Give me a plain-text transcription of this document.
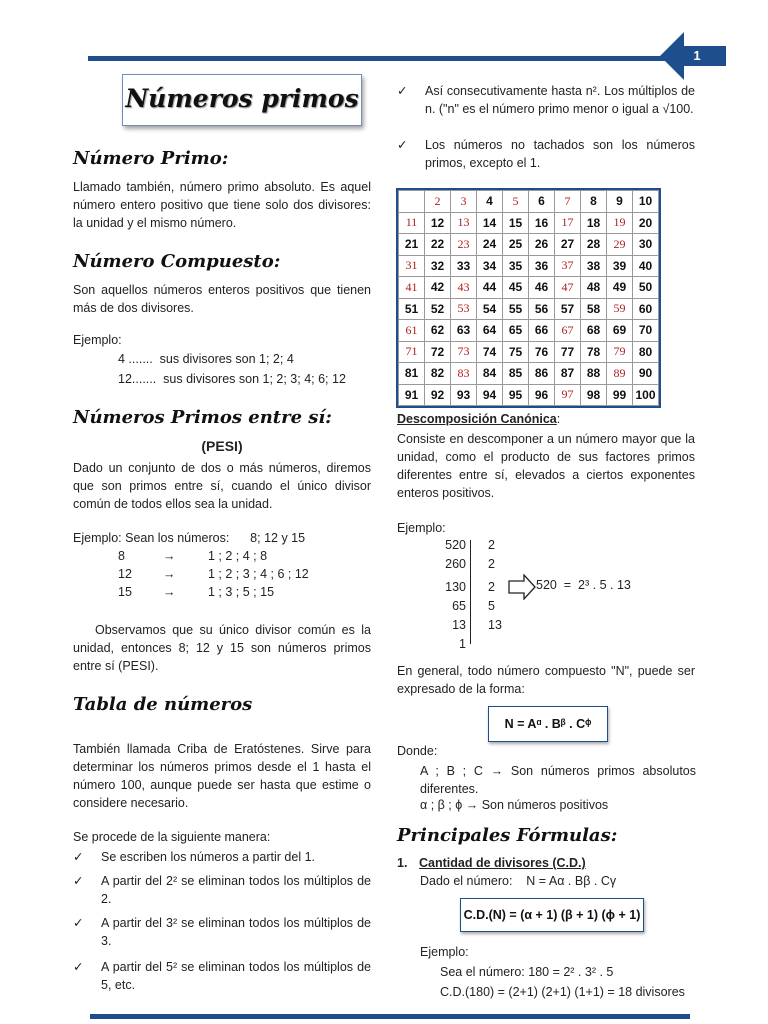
1
Números primos
Número Primo:
Llamado también, número primo absoluto. Es aquel número entero positivo que tiene solo dos divisores: la unidad y el mismo número.
Número Compuesto:
Son aquellos números enteros positivos que tienen más de dos divisores.
Ejemplo:
4 .......  sus divisores son 1; 2; 4
12.......  sus divisores son 1; 2; 3; 4; 6; 12
Números Primos entre sí:
(PESI)
Dado un conjunto de dos o más números, diremos que son primos entre sí, cuando el único divisor común de todos ellos sea la unidad.
Ejemplo: Sean los números:      8; 12 y 15
8	→	1 ; 2 ; 4 ; 8
12	→	1 ; 2 ; 3 ; 4 ; 6 ; 12
15	→	1 ; 3 ; 5 ; 15
Observamos que su único divisor común es la unidad, entonces 8; 12 y 15 son números primos entre sí (PESI).
Tabla de números
También llamada Criba de Eratóstenes. Sirve para determinar los números primos desde el 1 hasta el número 100, aunque puede ser hasta que estime o considere necesario.
Se procede de la siguiente manera:
✓	Se escriben los números a partir del 1.
✓	A partir del 2² se eliminan todos los múltiplos de 2.
✓	A partir del 3² se eliminan todos los múltiplos de 3.
✓	A partir del 5² se eliminan todos los múltiplos de 5, etc.
✓	Así consecutivamente hasta n². Los múltiplos de n. ("n" es el número primo menor o igual a √100.
✓	Los números no tachados son los números primos, excepto el 1.
	2	3	4	5	6	7	8	9	10
11	12	13	14	15	16	17	18	19	20
21	22	23	24	25	26	27	28	29	30
31	32	33	34	35	36	37	38	39	40
41	42	43	44	45	46	47	48	49	50
51	52	53	54	55	56	57	58	59	60
61	62	63	64	65	66	67	68	69	70
71	72	73	74	75	76	77	78	79	80
81	82	83	84	85	86	87	88	89	90
91	92	93	94	95	96	97	98	99	100
Descomposición Canónica:
Consiste en descomponer a un número mayor que la unidad, como el producto de sus factores primos diferentes entre sí, elevados a ciertos exponentes enteros positivos.
Ejemplo:
520 2
260 2
130 2
65 5
13 13
1
520  =  2³ . 5 . 13
En general, todo número compuesto "N", puede ser expresado de la forma:
N = Aᵅ . Bᵝ . Cᶲ
Donde:
A ; B ; C → Son números primos absolutos diferentes.
α ; β ; ϕ → Son números positivos
Principales Fórmulas:
1. Cantidad de divisores (C.D.)
Dado el número:    N = Aα . Bβ . Cγ
C.D.(N) = (α + 1) (β + 1) (ϕ + 1)
Ejemplo:
Sea el número: 180 = 2² . 3² . 5
C.D.(180) = (2+1) (2+1) (1+1) = 18 divisores
